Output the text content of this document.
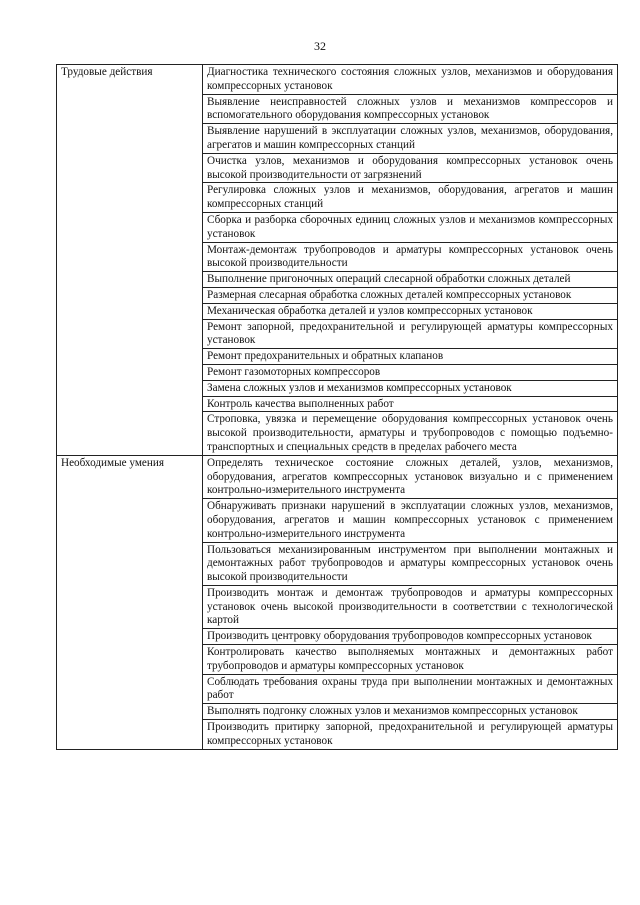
32
Трудовые действия	Диагностика технического состояния сложных узлов, механизмов и оборудования компрессорных установок
	Выявление неисправностей сложных узлов и механизмов компрессоров и вспомогательного оборудования компрессорных установок
	Выявление нарушений в эксплуатации сложных узлов, механизмов, оборудования, агрегатов и машин компрессорных станций
	Очистка узлов, механизмов и оборудования компрессорных установок очень высокой производительности от загрязнений
	Регулировка сложных узлов и механизмов, оборудования, агрегатов и машин компрессорных станций
	Сборка и разборка сборочных единиц сложных узлов и механизмов компрессорных установок
	Монтаж-демонтаж трубопроводов и арматуры компрессорных установок очень высокой производительности
	Выполнение пригоночных операций слесарной обработки сложных деталей
	Размерная слесарная обработка сложных деталей компрессорных установок
	Механическая обработка деталей и узлов компрессорных установок
	Ремонт запорной, предохранительной и регулирующей арматуры компрессорных установок
	Ремонт предохранительных и обратных клапанов
	Ремонт газомоторных компрессоров
	Замена сложных узлов и механизмов компрессорных установок
	Контроль качества выполненных работ
	Строповка, увязка и перемещение оборудования компрессорных установок очень высокой производительности, арматуры и трубопроводов с помощью подъемно-транспортных и специальных средств в пределах рабочего места
Необходимые умения	Определять техническое состояние сложных деталей, узлов, механизмов, оборудования, агрегатов компрессорных установок визуально и с применением контрольно-измерительного инструмента
	Обнаруживать признаки нарушений в эксплуатации сложных узлов, механизмов, оборудования, агрегатов и машин компрессорных установок с применением контрольно-измерительного инструмента
	Пользоваться механизированным инструментом при выполнении монтажных и демонтажных работ трубопроводов и арматуры компрессорных установок очень высокой производительности
	Производить монтаж и демонтаж трубопроводов и арматуры компрессорных установок очень высокой производительности в соответствии с технологической картой
	Производить центровку оборудования трубопроводов компрессорных установок
	Контролировать качество выполняемых монтажных и демонтажных работ трубопроводов и арматуры компрессорных установок
	Соблюдать требования охраны труда при выполнении монтажных и демонтажных работ
	Выполнять подгонку сложных узлов и механизмов компрессорных установок
	Производить притирку запорной, предохранительной и регулирующей арматуры компрессорных установок
